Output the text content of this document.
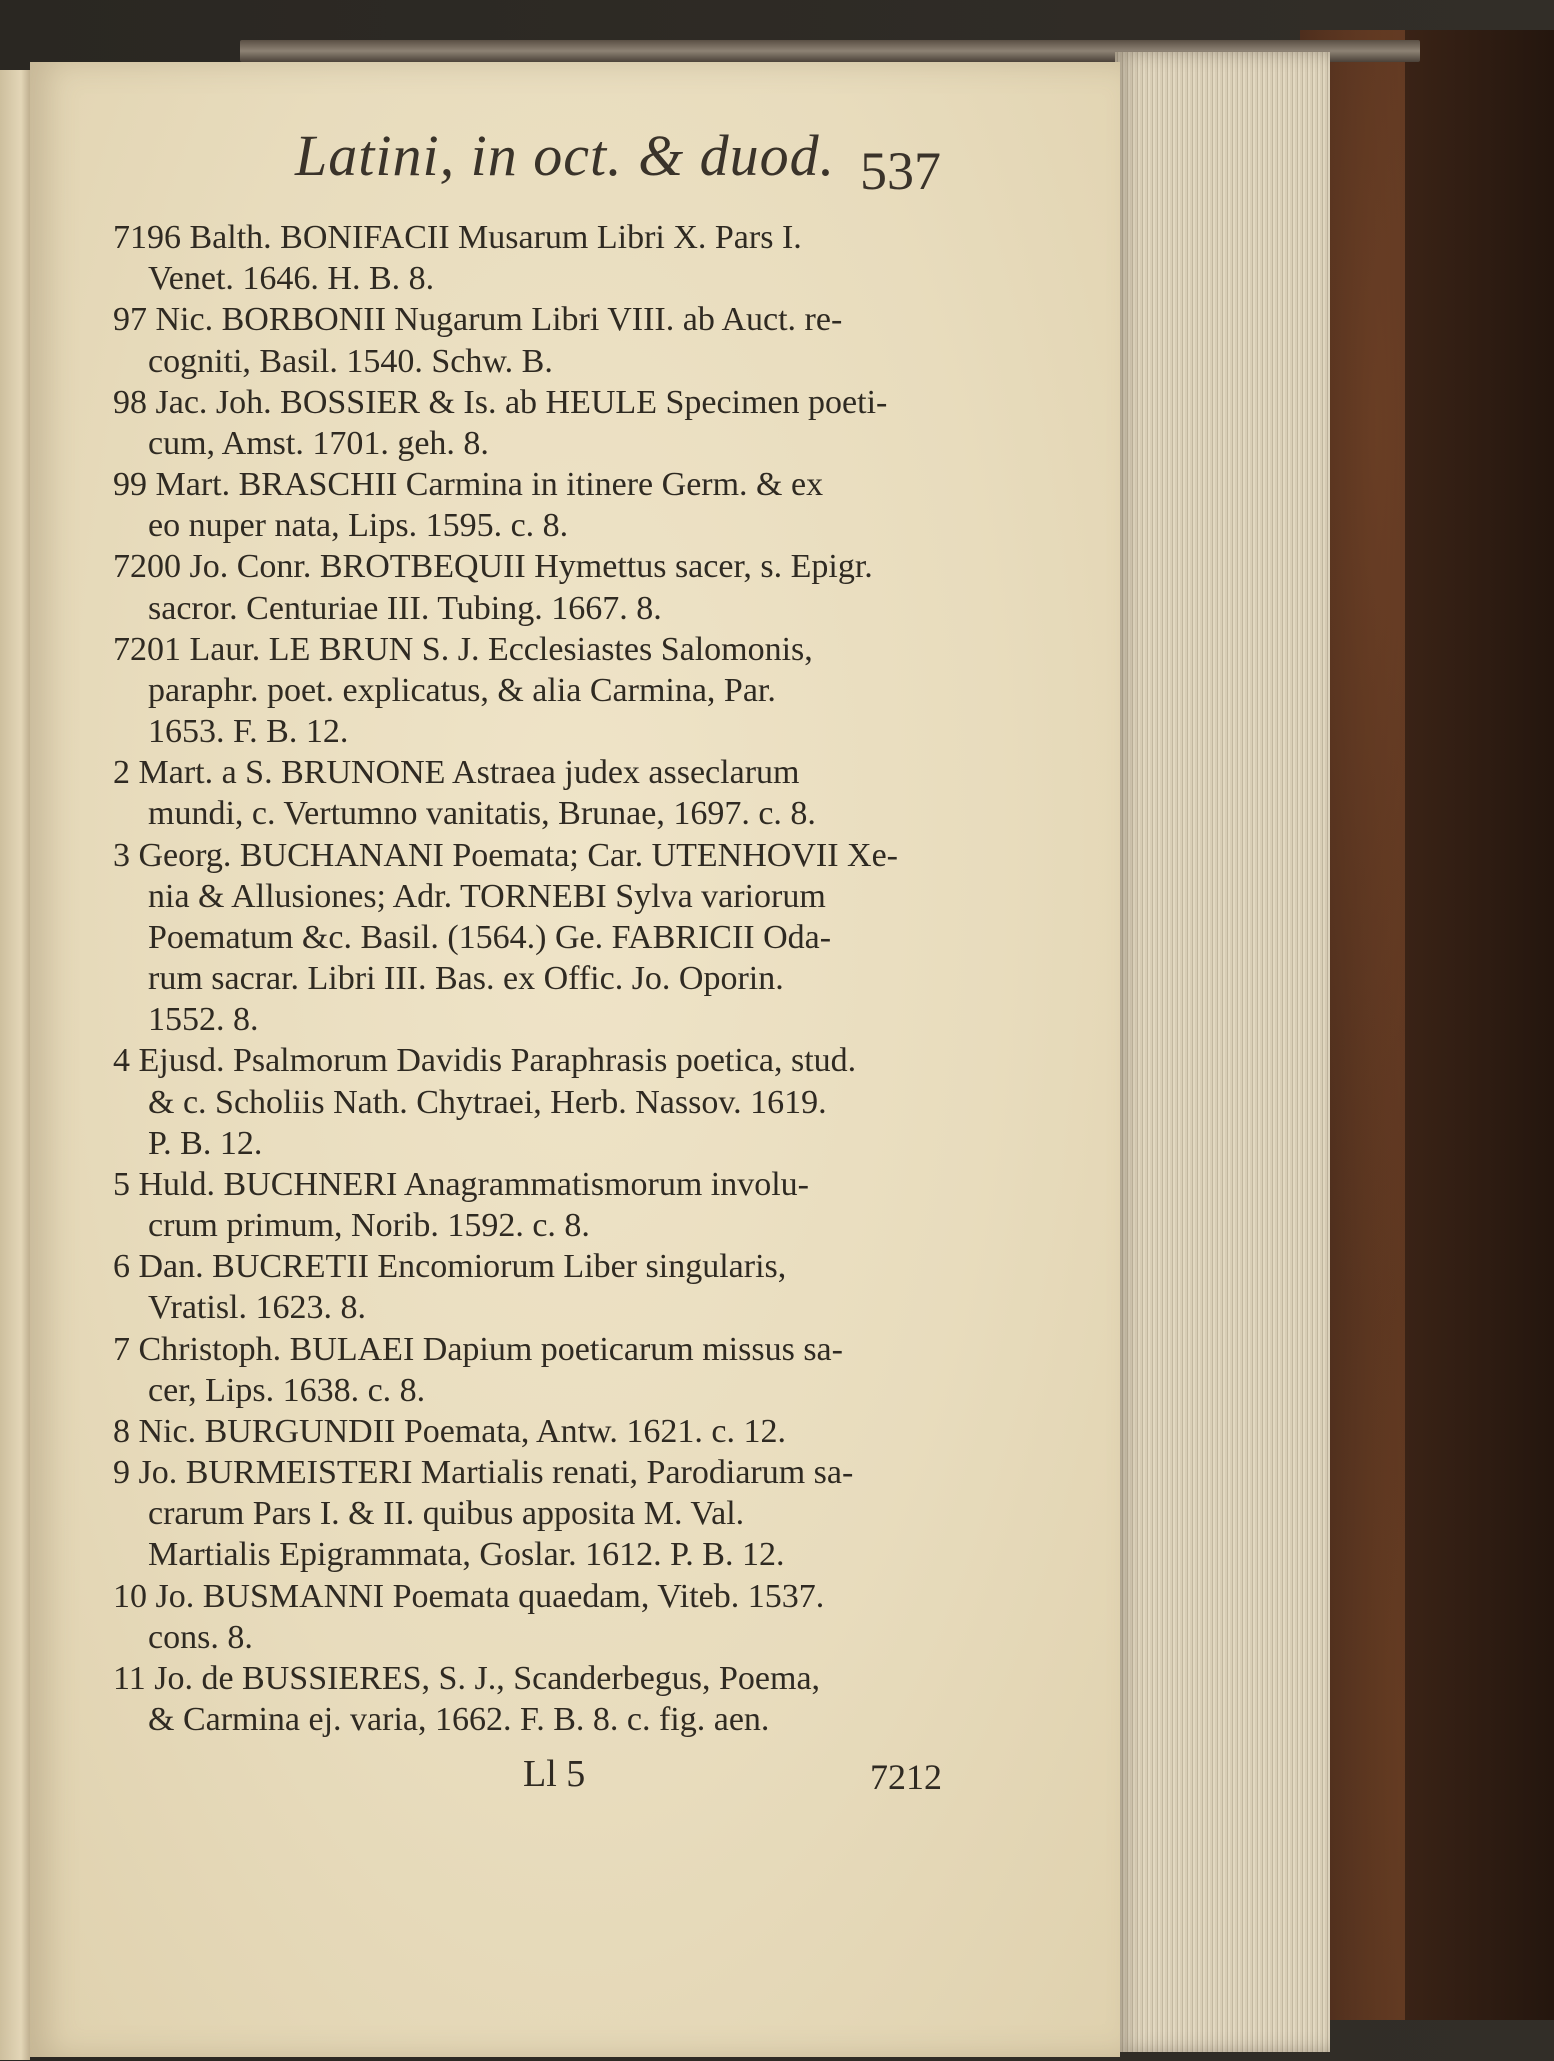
Latini, in oct. & duod. 537
7196 Balth. BONIFACII Musarum Libri X. Pars I.
Venet. 1646. H. B. 8.
97 Nic. BORBONII Nugarum Libri VIII. ab Auct. re-
cogniti, Basil. 1540. Schw. B.
98 Jac. Joh. BOSSIER & Is. ab HEULE Specimen poeti-
cum, Amst. 1701. geh. 8.
99 Mart. BRASCHII Carmina in itinere Germ. & ex
eo nuper nata, Lips. 1595. c. 8.
7200 Jo. Conr. BROTBEQUII Hymettus sacer, s. Epigr.
sacror. Centuriae III. Tubing. 1667. 8.
7201 Laur. LE BRUN S. J. Ecclesiastes Salomonis,
paraphr. poet. explicatus, & alia Carmina, Par.
1653. F. B. 12.
2 Mart. a S. BRUNONE Astraea judex asseclarum
mundi, c. Vertumno vanitatis, Brunae, 1697. c. 8.
3 Georg. BUCHANANI Poemata; Car. UTENHOVII Xe-
nia & Allusiones; Adr. TORNEBI Sylva variorum
Poematum &c. Basil. (1564.) Ge. FABRICII Oda-
rum sacrar. Libri III. Bas. ex Offic. Jo. Oporin.
1552. 8.
4 Ejusd. Psalmorum Davidis Paraphrasis poetica, stud.
& c. Scholiis Nath. Chytraei, Herb. Nassov. 1619.
P. B. 12.
5 Huld. BUCHNERI Anagrammatismorum involu-
crum primum, Norib. 1592. c. 8.
6 Dan. BUCRETII Encomiorum Liber singularis,
Vratisl. 1623. 8.
7 Christoph. BULAEI Dapium poeticarum missus sa-
cer, Lips. 1638. c. 8.
8 Nic. BURGUNDII Poemata, Antw. 1621. c. 12.
9 Jo. BURMEISTERI Martialis renati, Parodiarum sa-
crarum Pars I. & II. quibus apposita M. Val.
Martialis Epigrammata, Goslar. 1612. P. B. 12.
10 Jo. BUSMANNI Poemata quaedam, Viteb. 1537.
cons. 8.
11 Jo. de BUSSIERES, S. J., Scanderbegus, Poema,
& Carmina ej. varia, 1662. F. B. 8. c. fig. aen.
Ll 5	7212
